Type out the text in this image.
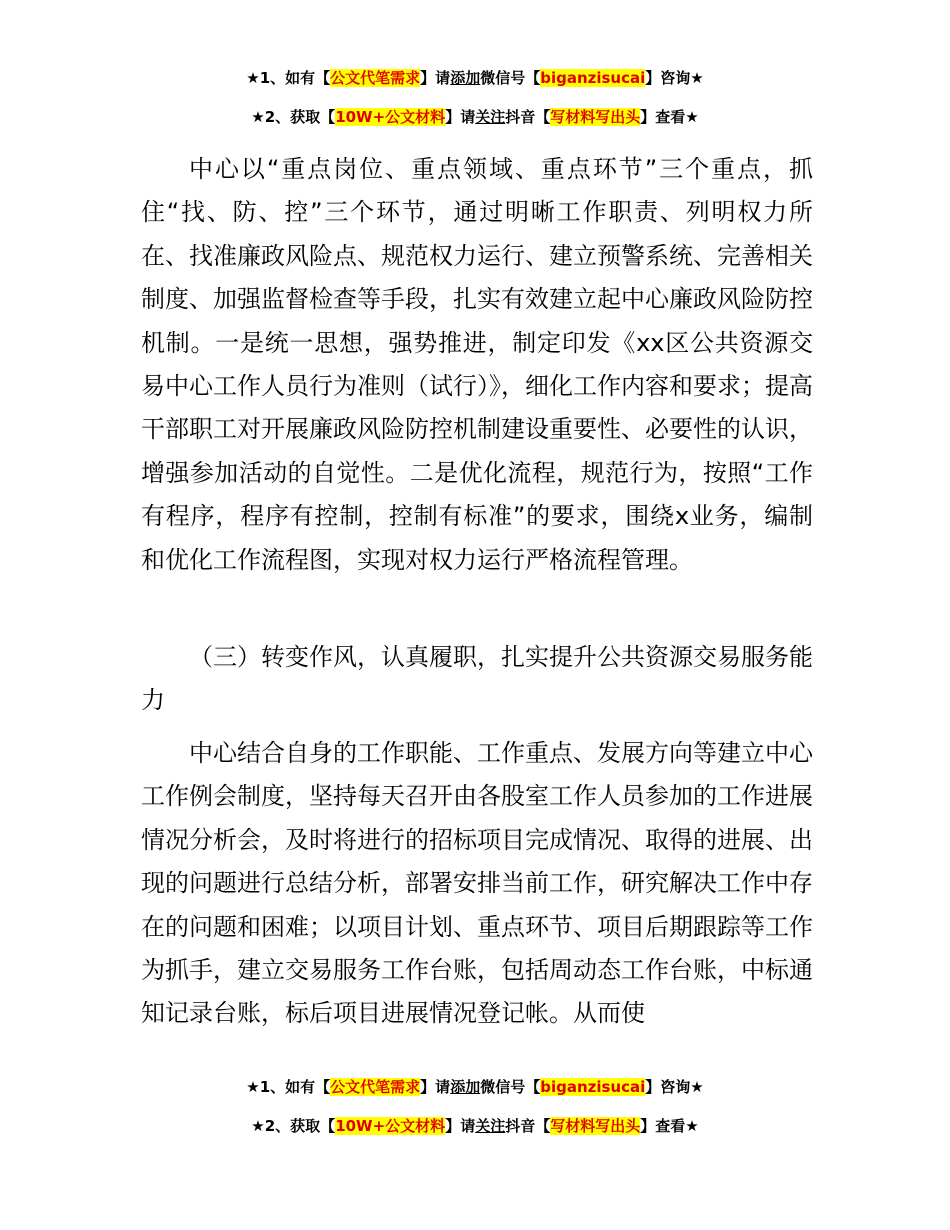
★1、如有【公文代笔需求】请添加微信号【biganzisucai】咨询★
★2、获取【10W+公文材料】请关注抖音【写材料写出头】查看★

中心以“重点岗位、重点领域、重点环节”三个重点，抓住“找、防、控”三个环节，通过明晰工作职责、列明权力所在、找准廉政风险点、规范权力运行、建立预警系统、完善相关制度、加强监督检查等手段，扎实有效建立起中心廉政风险防控机制。一是统一思想，强势推进，制定印发《xx区公共资源交易中心工作人员行为准则（试行）》，细化工作内容和要求；提高干部职工对开展廉政风险防控机制建设重要性、必要性的认识，增强参加活动的自觉性。二是优化流程，规范行为，按照“工作有程序，程序有控制，控制有标准”的要求，围绕x业务，编制和优化工作流程图，实现对权力运行严格流程管理。

（三）转变作风，认真履职，扎实提升公共资源交易服务能力

中心结合自身的工作职能、工作重点、发展方向等建立中心工作例会制度，坚持每天召开由各股室工作人员参加的工作进展情况分析会，及时将进行的招标项目完成情况、取得的进展、出现的问题进行总结分析，部署安排当前工作，研究解决工作中存在的问题和困难；以项目计划、重点环节、项目后期跟踪等工作为抓手，建立交易服务工作台账，包括周动态工作台账，中标通知记录台账，标后项目进展情况登记帐。从而使

★1、如有【公文代笔需求】请添加微信号【biganzisucai】咨询★
★2、获取【10W+公文材料】请关注抖音【写材料写出头】查看★
